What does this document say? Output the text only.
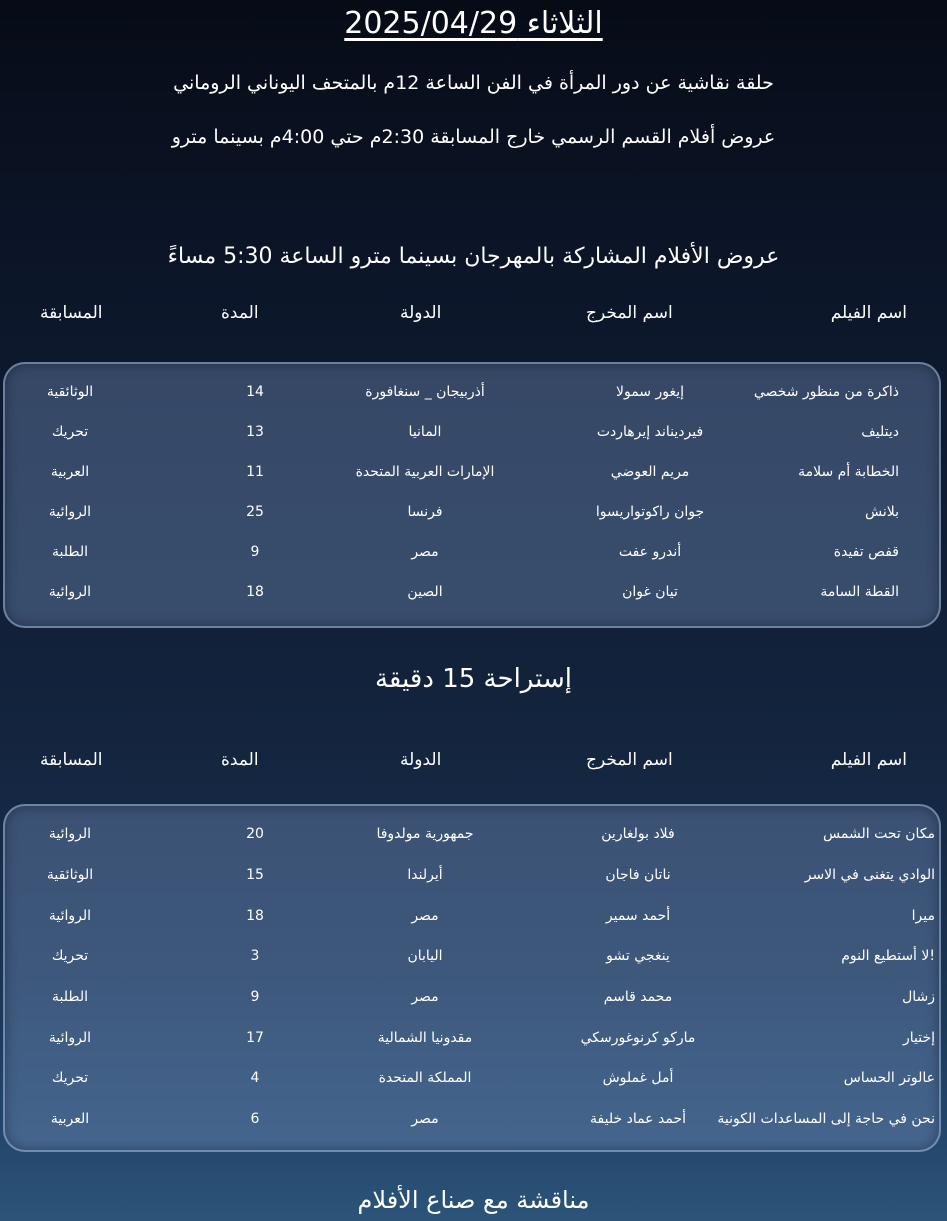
الثلاثاء 2025/04/29
حلقة نقاشية عن دور المرأة في الفن الساعة 12م بالمتحف اليوناني الروماني
عروض أفلام القسم الرسمي خارج المسابقة 2:30م حتي 4:00م بسينما مترو
عروض الأفلام المشاركة بالمهرجان بسينما مترو الساعة 5:30 مساءً
اسم الفيلم
اسم المخرج
الدولة
المدة
المسابقة
ذاكرة من منظور شخصي
إيغور سمولا
أذربيجان _ سنغافورة
14
الوثائقية
ديتليف
فيرديناند إيرهاردت
المانيا
13
تحريك
الخطابة أم سلامة
مريم العوضي
الإمارات العربية المتحدة
11
العربية
بلانش
جوان راكوتواريسوا
فرنسا
25
الروائية
قفص تفيدة
أندرو عفت
مصر
9
الطلبة
القطة السامة
تيان غوان
الصين
18
الروائية
إستراحة 15 دقيقة
اسم الفيلم
اسم المخرج
الدولة
المدة
المسابقة
مكان تحت الشمس
فلاد بولغارين
جمهورية مولدوفا
20
الروائية
الوادي يتغنى في الاسر
ناتان فاجان
أيرلندا
15
الوثائقية
ميرا
أحمد سمير
مصر
18
الروائية
لا أستطيع النوم!
ينغجي تشو
اليابان
3
تحريك
زشال
محمد قاسم
مصر
9
الطلبة
إختيار
ماركو كرنوغورسكي
مقدونيا الشمالية
17
الروائية
عالوتر الحساس
أمل غملوش
المملكة المتحدة
4
تحريك
نحن في حاجة إلى المساعدات الكونية
أحمد عماد خليفة
مصر
6
العربية
مناقشة مع صناع الأفلام
